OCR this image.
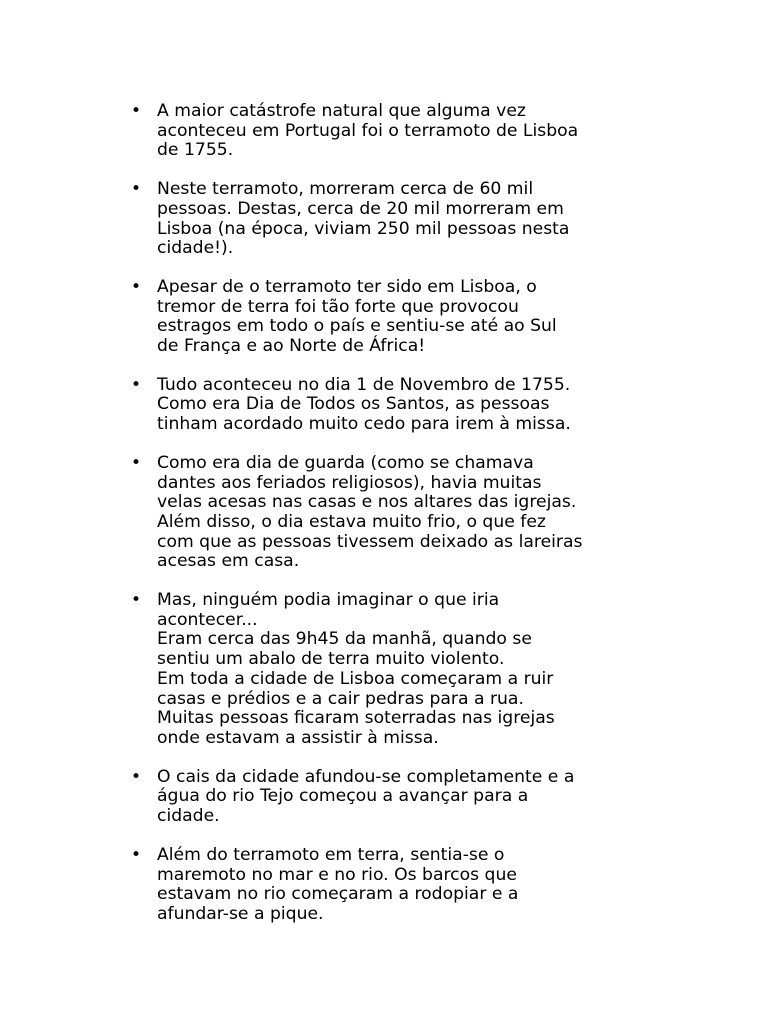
• A maior catástrofe natural que alguma vez
aconteceu em Portugal foi o terramoto de Lisboa
de 1755.
• Neste terramoto, morreram cerca de 60 mil
pessoas. Destas, cerca de 20 mil morreram em
Lisboa (na época, viviam 250 mil pessoas nesta
cidade!).
• Apesar de o terramoto ter sido em Lisboa, o
tremor de terra foi tão forte que provocou
estragos em todo o país e sentiu-se até ao Sul
de França e ao Norte de África!
• Tudo aconteceu no dia 1 de Novembro de 1755.
Como era Dia de Todos os Santos, as pessoas
tinham acordado muito cedo para irem à missa.
• Como era dia de guarda (como se chamava
dantes aos feriados religiosos), havia muitas
velas acesas nas casas e nos altares das igrejas.
Além disso, o dia estava muito frio, o que fez
com que as pessoas tivessem deixado as lareiras
acesas em casa.
• Mas, ninguém podia imaginar o que iria
acontecer...
Eram cerca das 9h45 da manhã, quando se
sentiu um abalo de terra muito violento.
Em toda a cidade de Lisboa começaram a ruir
casas e prédios e a cair pedras para a rua.
Muitas pessoas ficaram soterradas nas igrejas
onde estavam a assistir à missa.
• O cais da cidade afundou-se completamente e a
água do rio Tejo começou a avançar para a
cidade.
• Além do terramoto em terra, sentia-se o
maremoto no mar e no rio. Os barcos que
estavam no rio começaram a rodopiar e a
afundar-se a pique.
